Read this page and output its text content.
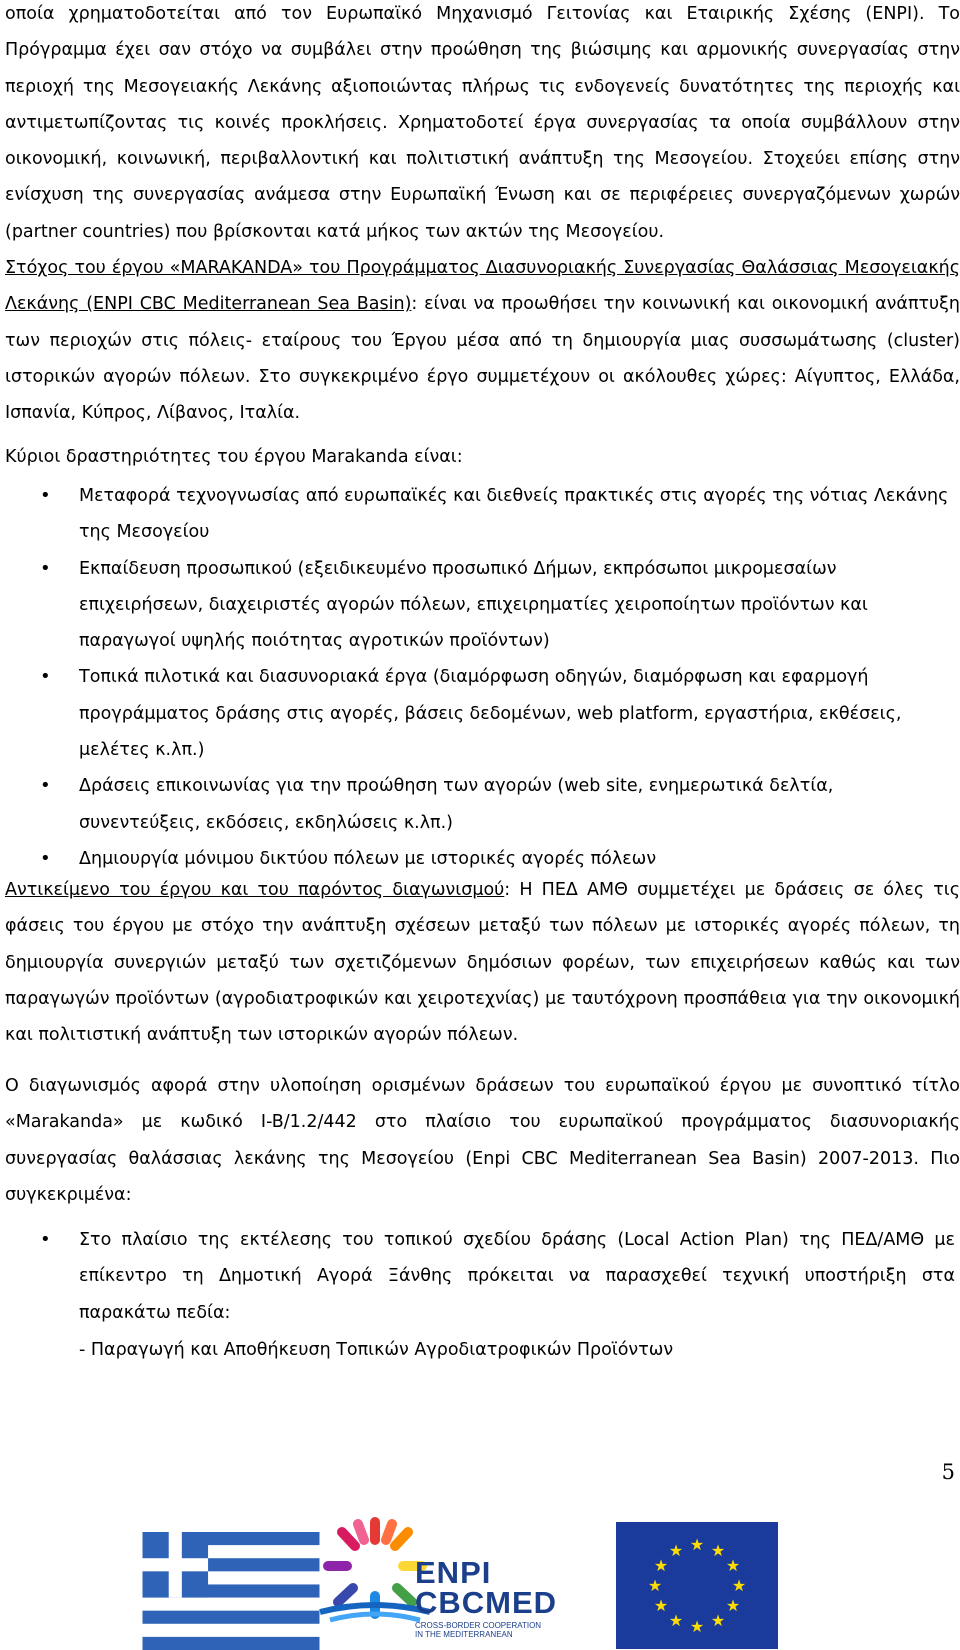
οποία χρηματοδοτείται από τον Ευρωπαϊκό Μηχανισμό Γειτονίας και Εταιρικής Σχέσης (ENPI). Το Πρόγραμμα έχει σαν στόχο να συμβάλει στην προώθηση της βιώσιμης και αρμονικής συνεργασίας στην περιοχή της Μεσογειακής Λεκάνης αξιοποιώντας πλήρως τις ενδογενείς δυνατότητες της περιοχής και αντιμετωπίζοντας τις κοινές προκλήσεις. Χρηματοδοτεί έργα συνεργασίας τα οποία συμβάλλουν στην οικονομική, κοινωνική, περιβαλλοντική και πολιτιστική ανάπτυξη της Μεσογείου. Στοχεύει επίσης στην ενίσχυση της συνεργασίας ανάμεσα στην Ευρωπαϊκή Ένωση και σε περιφέρειες συνεργαζόμενων χωρών (partner countries) που βρίσκονται κατά μήκος των ακτών της Μεσογείου.

Στόχος του έργου «MARAKANDA» του Προγράμματος Διασυνοριακής Συνεργασίας Θαλάσσιας Μεσογειακής Λεκάνης (ENPI CBC Mediterranean Sea Basin): είναι να προωθήσει την κοινωνική και οικονομική ανάπτυξη των περιοχών στις πόλεις- εταίρους του Έργου μέσα από τη δημιουργία μιας συσσωμάτωσης (cluster) ιστορικών αγορών πόλεων. Στο συγκεκριμένο έργο συμμετέχουν οι ακόλουθες χώρες: Αίγυπτος, Ελλάδα, Ισπανία, Κύπρος, Λίβανος, Ιταλία.

Κύριοι δραστηριότητες του έργου Marakanda είναι:

• Μεταφορά τεχνογνωσίας από ευρωπαϊκές και διεθνείς πρακτικές στις αγορές της νότιας Λεκάνης της Μεσογείου
• Εκπαίδευση προσωπικού (εξειδικευμένο προσωπικό Δήμων, εκπρόσωποι μικρομεσαίων επιχειρήσεων, διαχειριστές αγορών πόλεων, επιχειρηματίες χειροποίητων προϊόντων και παραγωγοί υψηλής ποιότητας αγροτικών προϊόντων)
• Τοπικά πιλοτικά και διασυνοριακά έργα (διαμόρφωση οδηγών, διαμόρφωση και εφαρμογή προγράμματος δράσης στις αγορές, βάσεις δεδομένων, web platform, εργαστήρια, εκθέσεις, μελέτες κ.λπ.)
• Δράσεις επικοινωνίας για την προώθηση των αγορών (web site, ενημερωτικά δελτία, συνεντεύξεις, εκδόσεις, εκδηλώσεις κ.λπ.)
• Δημιουργία μόνιμου δικτύου πόλεων με ιστορικές αγορές πόλεων

Αντικείμενο του έργου και του παρόντος διαγωνισμού: Η ΠΕΔ ΑΜΘ συμμετέχει με δράσεις σε όλες τις φάσεις του έργου με στόχο την ανάπτυξη σχέσεων μεταξύ των πόλεων με ιστορικές αγορές πόλεων, τη δημιουργία συνεργιών μεταξύ των σχετιζόμενων δημόσιων φορέων, των επιχειρήσεων καθώς και των παραγωγών προϊόντων (αγροδιατροφικών και χειροτεχνίας) με ταυτόχρονη προσπάθεια για την οικονομική και πολιτιστική ανάπτυξη των ιστορικών αγορών πόλεων.

Ο διαγωνισμός αφορά στην υλοποίηση ορισμένων δράσεων του ευρωπαϊκού έργου με συνοπτικό τίτλο «Marakanda» με κωδικό I-B/1.2/442 στο πλαίσιο του ευρωπαϊκού προγράμματος διασυνοριακής συνεργασίας θαλάσσιας λεκάνης της Μεσογείου (Enpi CBC Mediterranean Sea Basin) 2007-2013. Πιο συγκεκριμένα:

• Στο πλαίσιο της εκτέλεσης του τοπικού σχεδίου δράσης (Local Action Plan) της ΠΕΔ/ΑΜΘ με επίκεντρο τη Δημοτική Αγορά Ξάνθης πρόκειται να παρασχεθεί τεχνική υποστήριξη στα παρακάτω πεδία:

- Παραγωγή και Αποθήκευση Τοπικών Αγροδιατροφικών Προϊόντων

5
ENPI
CBCMED
CROSS-BORDER COOPERATION
IN THE MEDITERRANEAN
★ ★
★
★
★
★
★
★
★
★
★
★
